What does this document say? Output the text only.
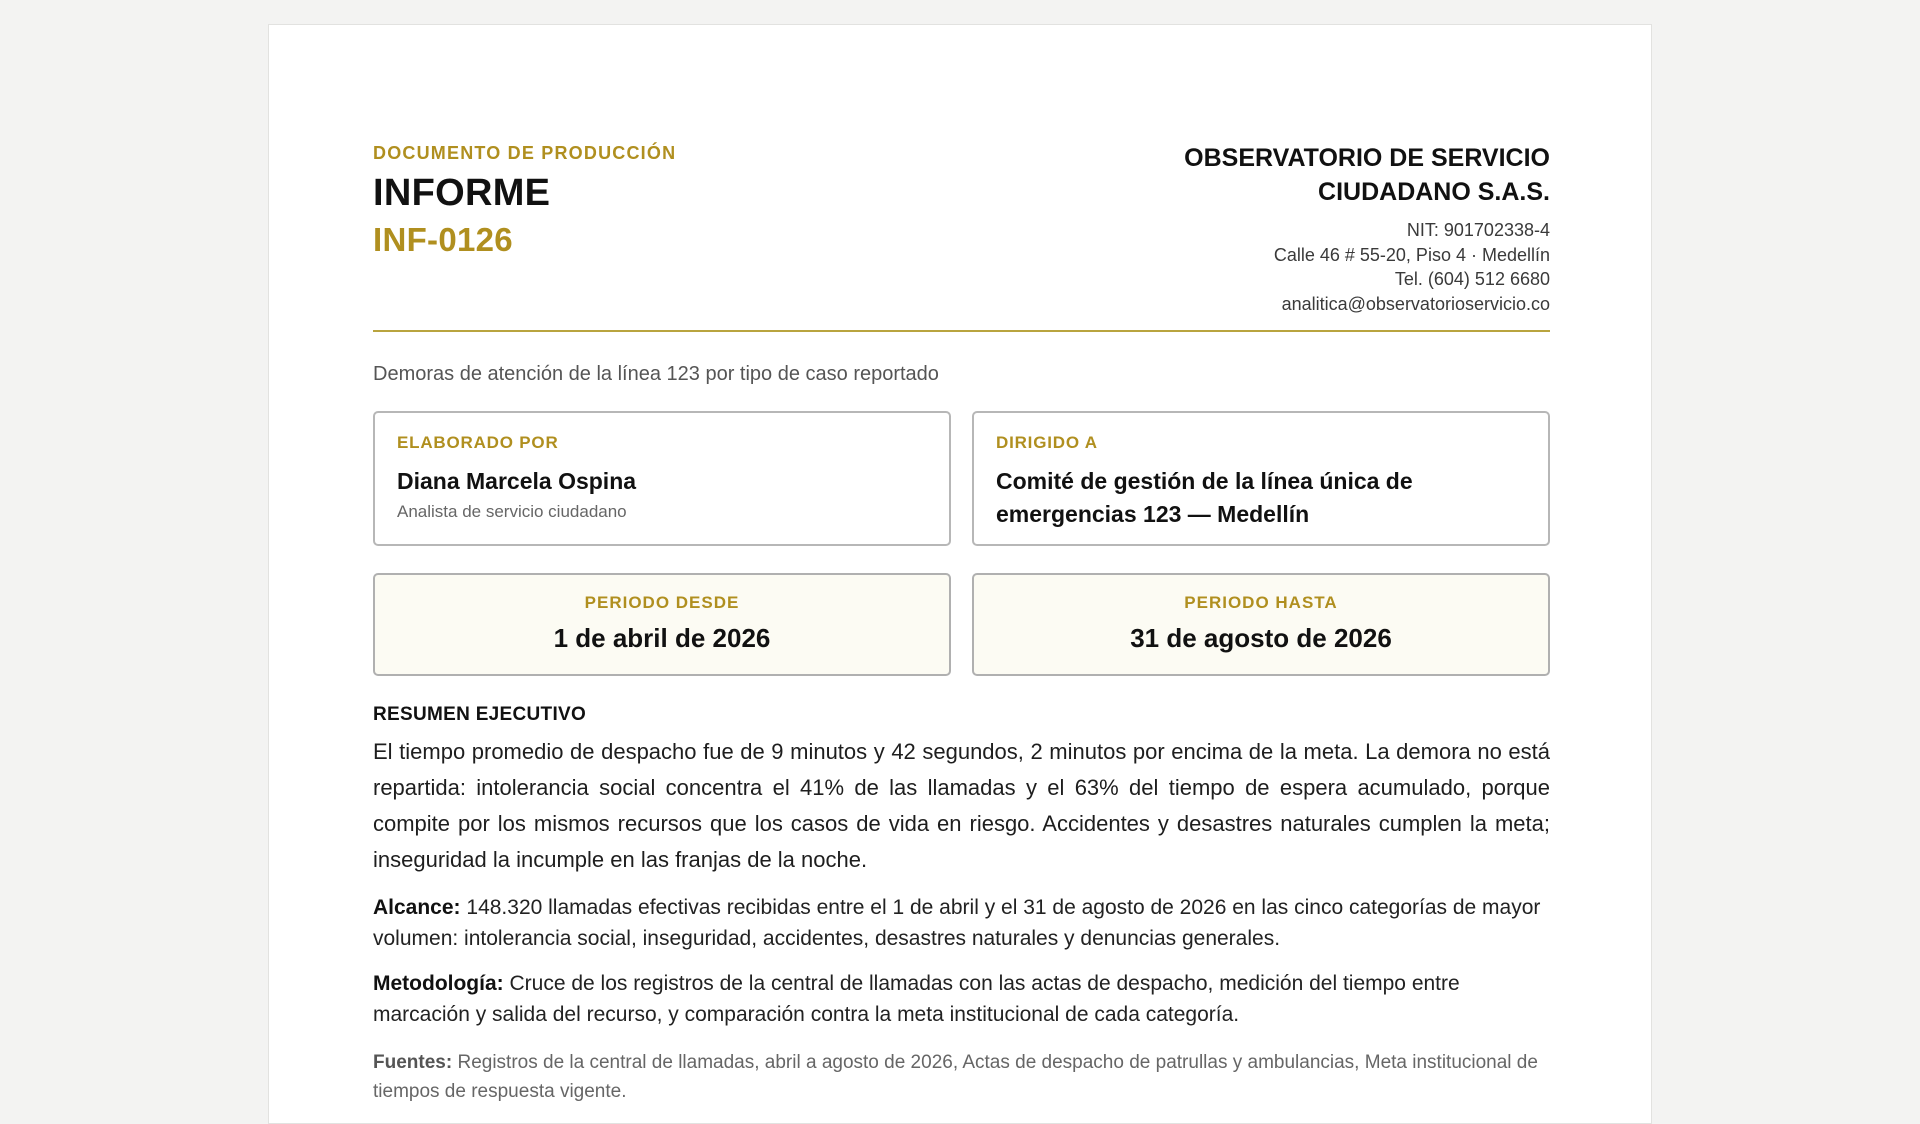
DOCUMENTO DE PRODUCCIÓN
INFORME
INF-0126
OBSERVATORIO DE SERVICIO
CIUDADANO S.A.S.
NIT: 901702338-4
Calle 46 # 55-20, Piso 4 · Medellín
Tel. (604) 512 6680
analitica@observatorioservicio.co
Demoras de atención de la línea 123 por tipo de caso reportado
ELABORADO POR
Diana Marcela Ospina
Analista de servicio ciudadano
DIRIGIDO A
Comité de gestión de la línea única de emergencias 123 — Medellín
PERIODO DESDE
1 de abril de 2026
PERIODO HASTA
31 de agosto de 2026
RESUMEN EJECUTIVO

El tiempo promedio de despacho fue de 9 minutos y 42 segundos, 2 minutos por encima de la meta. La demora no está repartida: intolerancia social concentra el 41% de las llamadas y el 63% del tiempo de espera acumulado, porque compite por los mismos recursos que los casos de vida en riesgo. Accidentes y desastres naturales cumplen la meta; inseguridad la incumple en las franjas de la noche.

Alcance: 148.320 llamadas efectivas recibidas entre el 1 de abril y el 31 de agosto de 2026 en las cinco categorías de mayor volumen: intolerancia social, inseguridad, accidentes, desastres naturales y denuncias generales.

Metodología: Cruce de los registros de la central de llamadas con las actas de despacho, medición del tiempo entre marcación y salida del recurso, y comparación contra la meta institucional de cada categoría.

Fuentes: Registros de la central de llamadas, abril a agosto de 2026, Actas de despacho de patrullas y ambulancias, Meta institucional de tiempos de respuesta vigente.
